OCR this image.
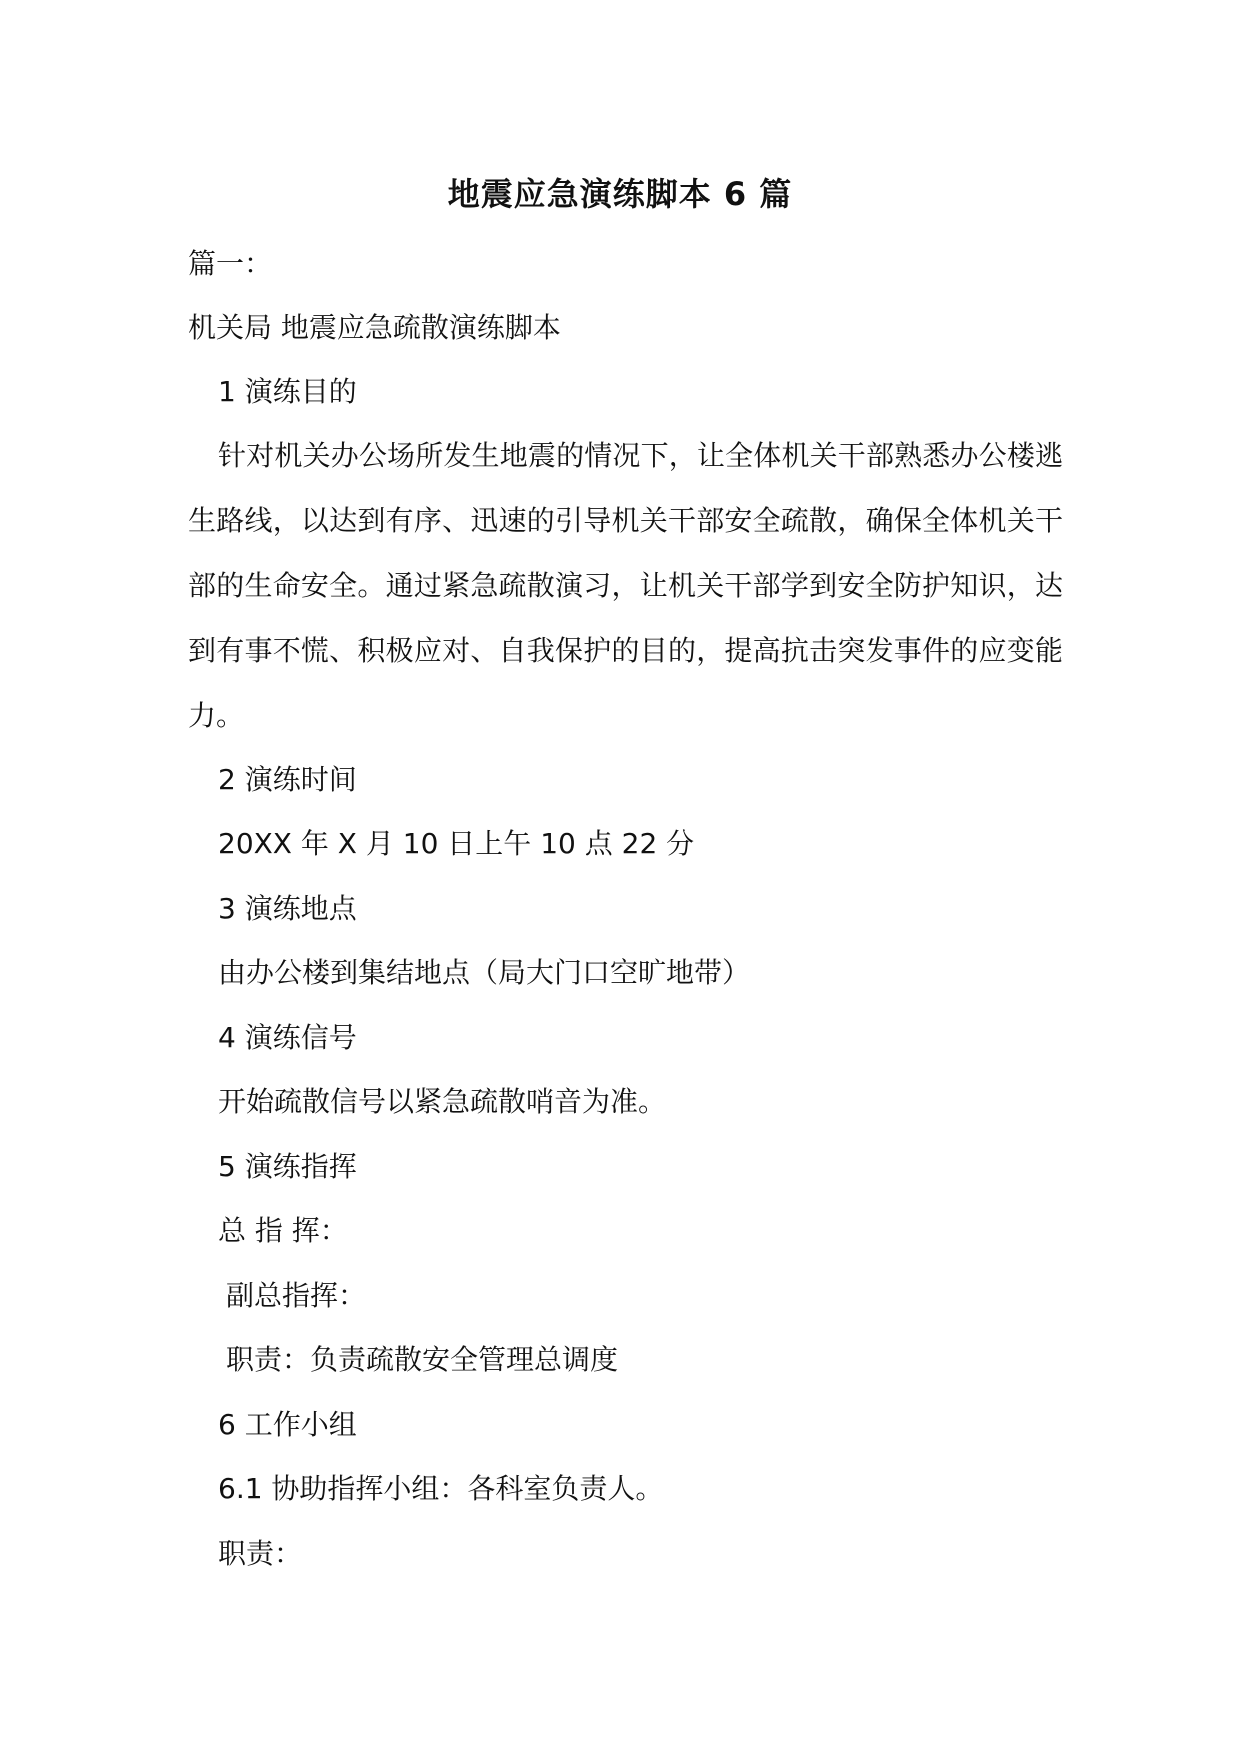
地震应急演练脚本 6 篇
篇一：
机关局 地震应急疏散演练脚本
1 演练目的

针对机关办公场所发生地震的情况下，让全体机关干部熟悉办公楼逃生路线，以达到有序、迅速的引导机关干部安全疏散，确保全体机关干部的生命安全。通过紧急疏散演习，让机关干部学到安全防护知识，达到有事不慌、积极应对、自我保护的目的，提高抗击突发事件的应变能力。

2 演练时间
20XX 年 X 月 10 日上午 10 点 22 分
3 演练地点
由办公楼到集结地点（局大门口空旷地带）
4 演练信号
开始疏散信号以紧急疏散哨音为准。
5 演练指挥
总 指 挥：
副总指挥：
职责：负责疏散安全管理总调度
6 工作小组
6.1 协助指挥小组：各科室负责人。
职责：
